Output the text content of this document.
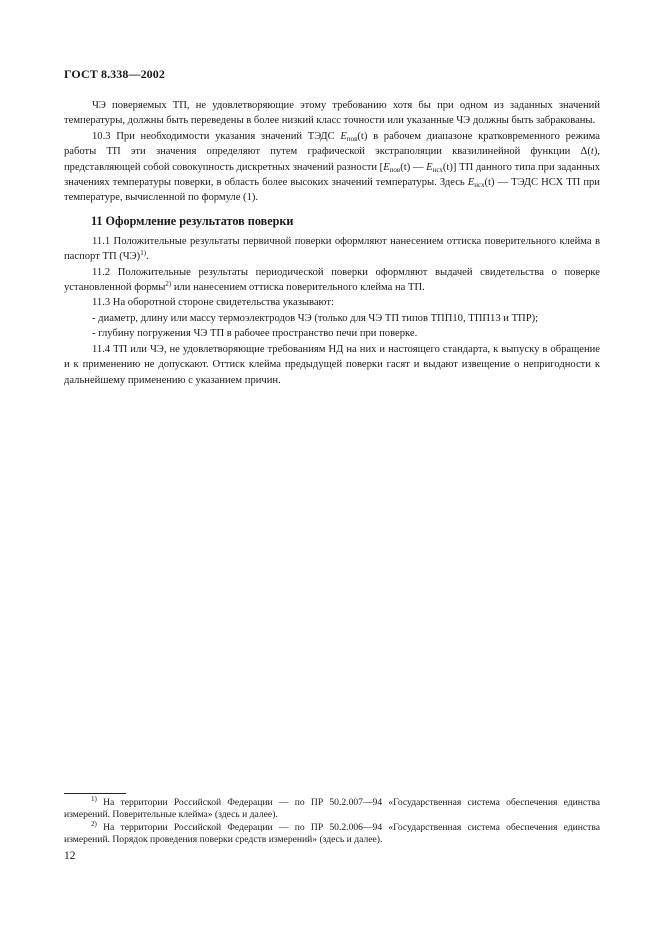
ГОСТ 8.338—2002

ЧЭ поверяемых ТП, не удовлетворяющие этому требованию хотя бы при одном из заданных значений температуры, должны быть переведены в более низкий класс точности или указанные ЧЭ должны быть забракованы.

10.3 При необходимости указания значений ТЭДС $E_{пов}(t)$ в рабочем диапазоне кратковременного режима работы ТП эти значения определяют путем графической экстраполяции квазилинейной функции Δ(t), представляющей собой совокупность дискретных значений разности [$E_{пов}(t)$ — $E_{нсх}(t)$] ТП данного типа при заданных значениях температуры поверки, в область более высоких значений температуры. Здесь $E_{нсх}(t)$ — ТЭДС НСХ ТП при температуре, вычисленной по формуле (1).

11 Оформление результатов поверки

11.1 Положительные результаты первичной поверки оформляют нанесением оттиска поверительного клейма в паспорт ТП (ЧЭ)$^{1)}$.

11.2 Положительные результаты периодической поверки оформляют выдачей свидетельства о поверке установленной формы$^{2)}$ или нанесением оттиска поверительного клейма на ТП.

11.3 На оборотной стороне свидетельства указывают:

- диаметр, длину или массу термоэлектродов ЧЭ (только для ЧЭ ТП типов ТПП10, ТПП13 и ТПР);

- глубину погружения ЧЭ ТП в рабочее пространство печи при поверке.

11.4 ТП или ЧЭ, не удовлетворяющие требованиям НД на них и настоящего стандарта, к выпуску в обращение и к применению не допускают. Оттиск клейма предыдущей поверки гасят и выдают извещение о непригодности к дальнейшему применению с указанием причин.

$^{1)}$ На территории Российской Федерации — по ПР 50.2.007—94 «Государственная система обеспечения единства измерений. Поверительные клейма» (здесь и далее).

$^{2)}$ На территории Российской Федерации — по ПР 50.2.006—94 «Государственная система обеспечения единства измерений. Порядок проведения поверки средств измерений» (здесь и далее).

12
